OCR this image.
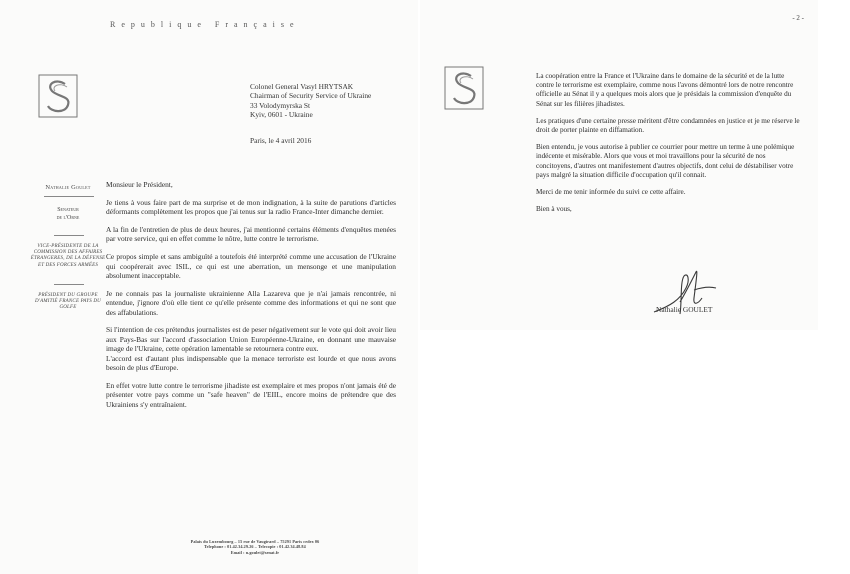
Republique Française
Colonel General Vasyl HRYTSAK
Chairman of Security Service of Ukraine
33 Volodymyrska St
Kyiv, 0601 - Ukraine
Paris, le 4 avril 2016
Nathalie Goulet
Senateur
de l'Orne
VICE-PRÉSIDENTE DE LA COMMISSION DES AFFAIRES ÉTRANGERES, DE LA DÉFENSE ET DES FORCES ARMÉES
PRÉSIDENT DU GROUPE D'AMITIÉ FRANCE PAYS DU GOLFE

Monsieur le Président,

Je tiens à vous faire part de ma surprise et de mon indignation, à la suite de parutions d'articles déformants complètement les propos que j'ai tenus sur la radio France-Inter dimanche dernier.

A la fin de l'entretien de plus de deux heures, j'ai mentionné certains éléments d'enquêtes menées par votre service, qui en effet comme le nôtre, lutte contre le terrorisme.

Ce propos simple et sans ambiguïté a toutefois été interprété comme une accusation de l'Ukraine qui coopérerait avec ISIL, ce qui est une aberration, un mensonge et une manipulation absolument inacceptable.

Je ne connais pas la journaliste ukrainienne Alla Lazareva que je n'ai jamais rencontrée, ni entendue, j'ignore d'où elle tient ce qu'elle présente comme des informations et qui ne sont que des affabulations.

Si l'intention de ces prétendus journalistes est de peser négativement sur le vote qui doit avoir lieu aux Pays-Bas sur l'accord d'association Union Européenne-Ukraine, en donnant une mauvaise image de l'Ukraine, cette opération lamentable se retournera contre eux.

L'accord est d'autant plus indispensable que la menace terroriste est lourde et que nous avons besoin de plus d'Europe.

En effet votre lutte contre le terrorisme jihadiste est exemplaire et mes propos n'ont jamais été de présenter votre pays comme un "safe heaven" de l'EIIL, encore moins de prétendre que des Ukrainiens s'y entraînaient.

Palais du Luxembourg – 15 rue de Vaugirard – 75291 Paris cedex 06
Telephone : 01.42.34.29.26 – Telecopie : 01.42.34.48.84
Email : n.goulet@senat.fr
- 2 -

La coopération entre la France et l'Ukraine dans le domaine de la sécurité et de la lutte contre le terrorisme est exemplaire, comme nous l'avons démontré lors de notre rencontre officielle au Sénat il y a quelques mois alors que je présidais la commission d'enquête du Sénat sur les filières jihadistes.

Les pratiques d'une certaine presse méritent d'être condamnées en justice et je me réserve le droit de porter plainte en diffamation.

Bien entendu, je vous autorise à publier ce courrier pour mettre un terme à une polémique indécente et misérable. Alors que vous et moi travaillons pour la sécurité de nos concitoyens, d'autres ont manifestement d'autres objectifs, dont celui de déstabiliser votre pays malgré la situation difficile d'occupation qu'il connait.

Merci de me tenir informée du suivi ce cette affaire.

Bien à vous,

Nathalie GOULET
